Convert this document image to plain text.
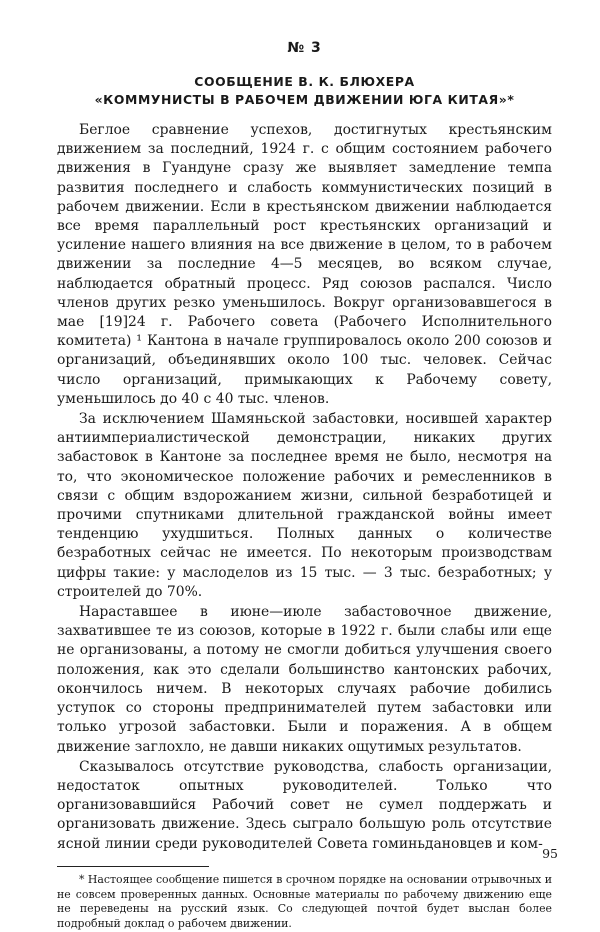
№ 3
СООБЩЕНИЕ В. К. БЛЮХЕРА
«КОММУНИСТЫ В РАБОЧЕМ ДВИЖЕНИИ ЮГА КИТАЯ»*

Беглое сравнение успехов, достигнутых крестьянским движением за последний, 1924 г. с общим состоянием рабочего движения в Гуандуне сразу же выявляет замедление темпа развития последнего и слабость коммунистических позиций в рабочем движении. Если в крестьянском движении наблюдается все время параллельный рост крестьянских организаций и усиление нашего влияния на все движение в целом, то в рабочем движении за последние 4—5 месяцев, во всяком случае, наблюдается обратный процесс. Ряд союзов распался. Число членов других резко уменьшилось. Вокруг организовавшегося в мае [19]24 г. Рабочего совета (Рабочего Исполнительного комитета) ¹ Кантона в начале группировалось около 200 союзов и организаций, объединявших около 100 тыс. человек. Сейчас число организаций, примыкающих к Рабочему совету, уменьшилось до 40 с 40 тыс. членов.

За исключением Шамяньской забастовки, носившей характер антиимпериалистической демонстрации, никаких других забастовок в Кантоне за последнее время не было, несмотря на то, что экономическое положение рабочих и ремесленников в связи с общим вздорожанием жизни, сильной безработицей и прочими спутниками длительной гражданской войны имеет тенденцию ухудшиться. Полных данных о количестве безработных сейчас не имеется. По некоторым производствам цифры такие: у маслоделов из 15 тыс. — 3 тыс. безработных; у строителей до 70%.

Нараставшее в июне—июле забастовочное движение, захватившее те из союзов, которые в 1922 г. были слабы или еще не организованы, а потому не смогли добиться улучшения своего положения, как это сделали большинство кантонских рабочих, окончилось ничем. В некоторых случаях рабочие добились уступок со стороны предпринимателей путем забастовки или только угрозой забастовки. Были и поражения. А в общем движение заглохло, не давши никаких ощутимых результатов.

Сказывалось отсутствие руководства, слабость организации, недостаток опытных руководителей. Только что организовавшийся Рабочий совет не сумел поддержать и организовать движение. Здесь сыграло большую роль отсутствие ясной линии среди руководителей Совета гоминьдановцев и ком-

* Настоящее сообщение пишется в срочном порядке на основании отрывочных и не совсем проверенных данных. Основные материалы по рабочему движению еще не переведены на русский язык. Со следующей почтой будет выслан более подробный доклад о рабочем движении.

95
